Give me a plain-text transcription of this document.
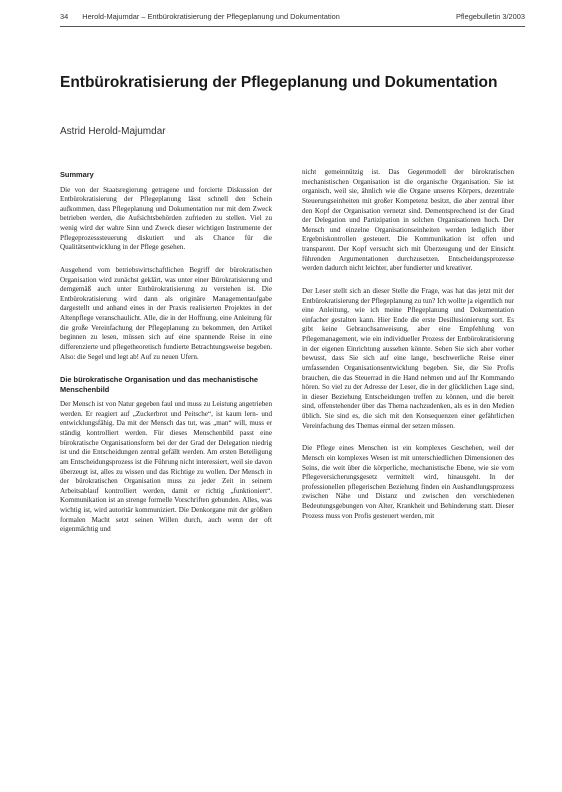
34 Herold-Majumdar – Entbürokratisierung der Pflegeplanung und Dokumentation	Pflegebulletin 3/2003
Entbürokratisierung der Pflegeplanung und Dokumentation
Astrid Herold-Majumdar
Summary

Die von der Staatsregierung getragene und forcierte Diskussion der Entbürokratisierung der Pflegeplanung lässt schnell den Schein aufkommen, dass Pflegeplanung und Dokumentation nur mit dem Zweck betrieben werden, die Aufsichtsbehörden zufrieden zu stellen. Viel zu wenig wird der wahre Sinn und Zweck dieser wichtigen Instrumente der Pflegeprozesssteuerung diskutiert und als Chance für die Qualitätsentwicklung in der Pflege gesehen.

Ausgehend vom betriebswirtschaftlichen Begriff der bürokratischen Organisation wird zunächst geklärt, was unter einer Bürokratisierung und demgemäß auch unter Entbürokratisierung zu verstehen ist. Die Entbürokratisierung wird dann als originäre Managementaufgabe dargestellt und anhand eines in der Praxis realisierten Projektes in der Altenpflege veranschaulicht. Alle, die in der Hoffnung, eine Anleitung für die große Vereinfachung der Pflegeplanung zu bekommen, den Artikel beginnen zu lesen, müssen sich auf eine spannende Reise in eine differenzierte und pflegetheoretisch fundierte Betrachtungsweise begeben. Also: die Segel und legt ab! Auf zu neuen Ufern.

Die bürokratische Organisation und das mechanistische Menschenbild

Der Mensch ist von Natur gegeben faul und muss zu Leistung angetrieben werden. Er reagiert auf „Zuckerbrot und Peitsche“, ist kaum lern- und entwicklungsfähig. Da mit der Mensch das tut, was „man“ will, muss er ständig kontrolliert werden. Für dieses Menschenbild passt eine bürokratische Organisationsform bei der der Grad der Delegation niedrig ist und die Entscheidungen zentral gefällt werden. Am ersten Beteiligung am Entscheidungsprozess ist die Führung nicht interessiert, weil sie davon überzeugt ist, alles zu wissen und das Richtige zu wollen. Der Mensch in der bürokratischen Organisation muss zu jeder Zeit in seinem Arbeitsablauf kontrolliert werden, damit er richtig „funktioniert“. Kommunikation ist an strenge formelle Vorschriften gebunden. Alles, was wichtig ist, wird autoritär kommuniziert. Die Denkorgane mit der größten formalen Macht setzt seinen Willen durch, auch wenn der oft eigenmächtig und

nicht gemeinnützig ist. Das Gegenmodell der bürokratischen mechanistischen Organisation ist die organische Organisation. Sie ist organisch, weil sie, ähnlich wie die Organe unseres Körpers, dezentrale Steuerungseinheiten mit großer Kompetenz besitzt, die aber zentral über den Kopf der Organisation vernetzt sind. Dementsprechend ist der Grad der Delegation und Partizipation in solchen Organisationen hoch. Der Mensch und einzelne Organisationseinheiten werden lediglich über Ergebniskontrollen gesteuert. Die Kommunikation ist offen und transparent. Der Kopf versucht sich mit Überzeugung und der Einsicht führenden Argumentationen durchzusetzen. Entscheidungsprozesse werden dadurch nicht leichter, aber fundierter und kreativer.

Der Leser stellt sich an dieser Stelle die Frage, was hat das jetzt mit der Entbürokratisierung der Pflegeplanung zu tun? Ich wollte ja eigentlich nur eine Anleitung, wie ich meine Pflegeplanung und Dokumentation einfacher gestalten kann. Hier Ende die erste Desillusionierung sort. Es gibt keine Gebrauchsanweisung, aber eine Empfehlung von Pflegemanagement, wie ein individueller Prozess der Entbürokratisierung in der eigenen Einrichtung aussehen könnte. Sehen Sie sich aber vorher bewusst, dass Sie sich auf eine lange, beschwerliche Reise einer umfassenden Organisationsentwicklung begeben. Sie, die Sie Profis brauchen, die das Steuerrad in die Hand nehmen und auf Ihr Kommando hören. So viel zu der Adresse der Leser, die in der glücklichen Lage sind, in dieser Beziehung Entscheidungen treffen zu können, und die bereit sind, offenstehender über das Thema nachzudenken, als es in den Medien üblich. Sie sind es, die sich mit den Konsequenzen einer gefährlichen Vereinfachung des Themas einmal der setzen müssen.

Die Pflege eines Menschen ist ein komplexes Geschehen, weil der Mensch ein komplexes Wesen ist mit unterschiedlichen Dimensionen des Seins, die weit über die körperliche, mechanistische Ebene, wie sie vom Pflegeversicherungsgesetz vermittelt wird, hinausgeht. In der professionellen pflegerischen Beziehung finden ein Aushandlungsprozess zwischen Nähe und Distanz und zwischen den verschiedenen Bedeutungsgebungen von Alter, Krankheit und Behinderung statt. Dieser Prozess muss von Profis gesteuert werden, mit
